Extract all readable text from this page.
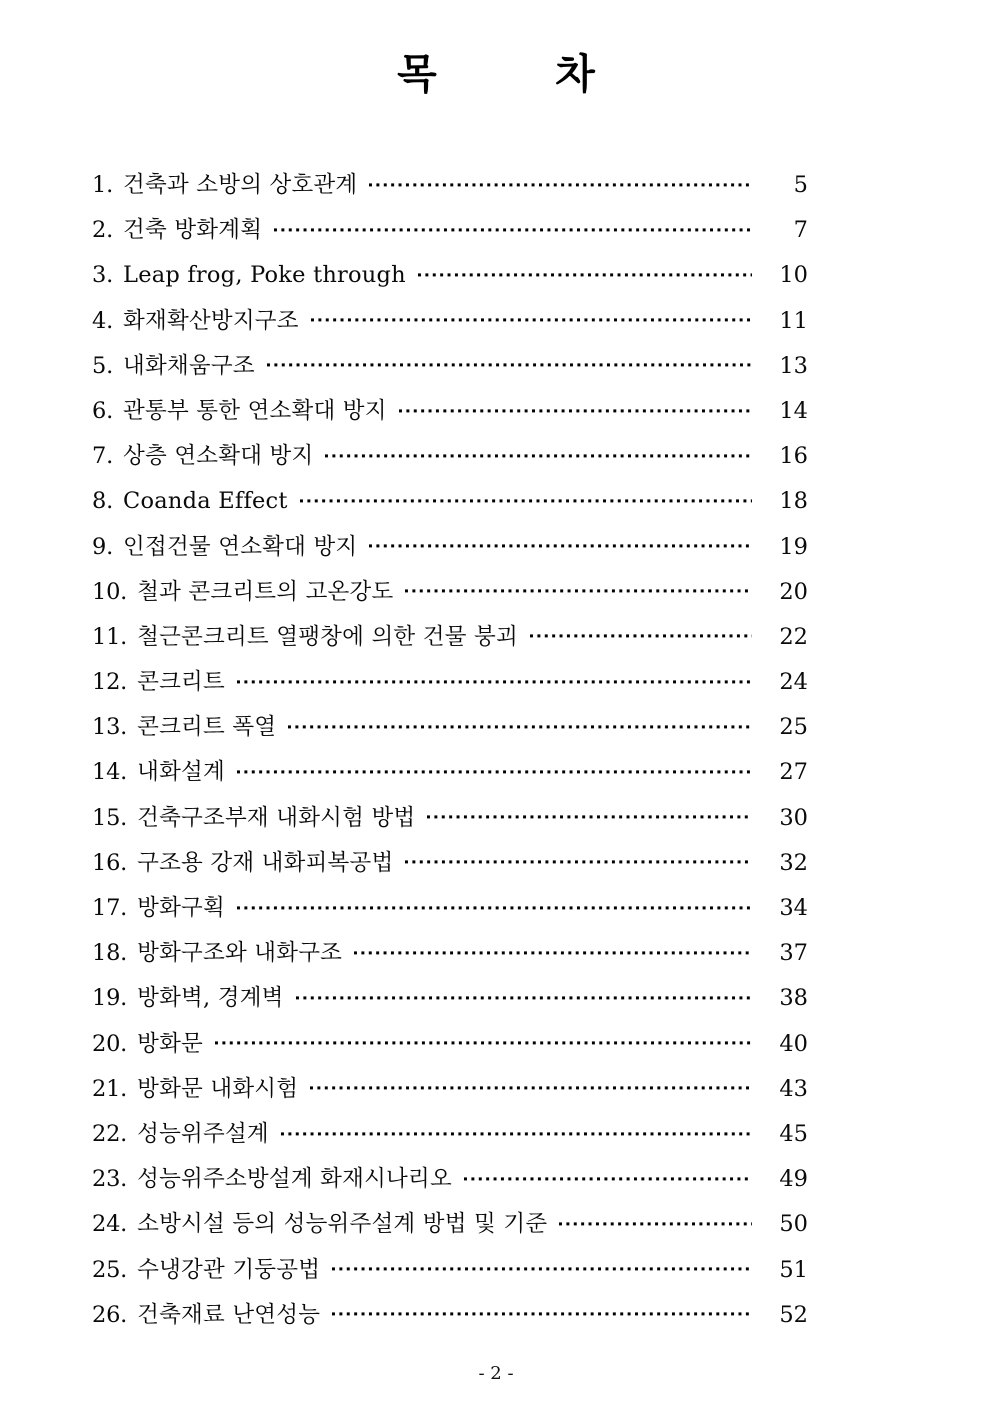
목    차
1. 건축과 소방의 상호관계	5
2. 건축 방화계획	7
3. Leap frog, Poke through	10
4. 화재확산방지구조	11
5. 내화채움구조	13
6. 관통부 통한 연소확대 방지	14
7. 상층 연소확대 방지	16
8. Coanda Effect	18
9. 인접건물 연소확대 방지	19
10. 철과 콘크리트의 고온강도	20
11. 철근콘크리트 열팽창에 의한 건물 붕괴	22
12. 콘크리트	24
13. 콘크리트 폭열	25
14. 내화설계	27
15. 건축구조부재 내화시험 방법	30
16. 구조용 강재 내화피복공법	32
17. 방화구획	34
18. 방화구조와 내화구조	37
19. 방화벽, 경계벽	38
20. 방화문	40
21. 방화문 내화시험	43
22. 성능위주설계	45
23. 성능위주소방설계 화재시나리오	49
24. 소방시설 등의 성능위주설계 방법 및 기준	50
25. 수냉강관 기둥공법	51
26. 건축재료 난연성능	52
- 2 -
